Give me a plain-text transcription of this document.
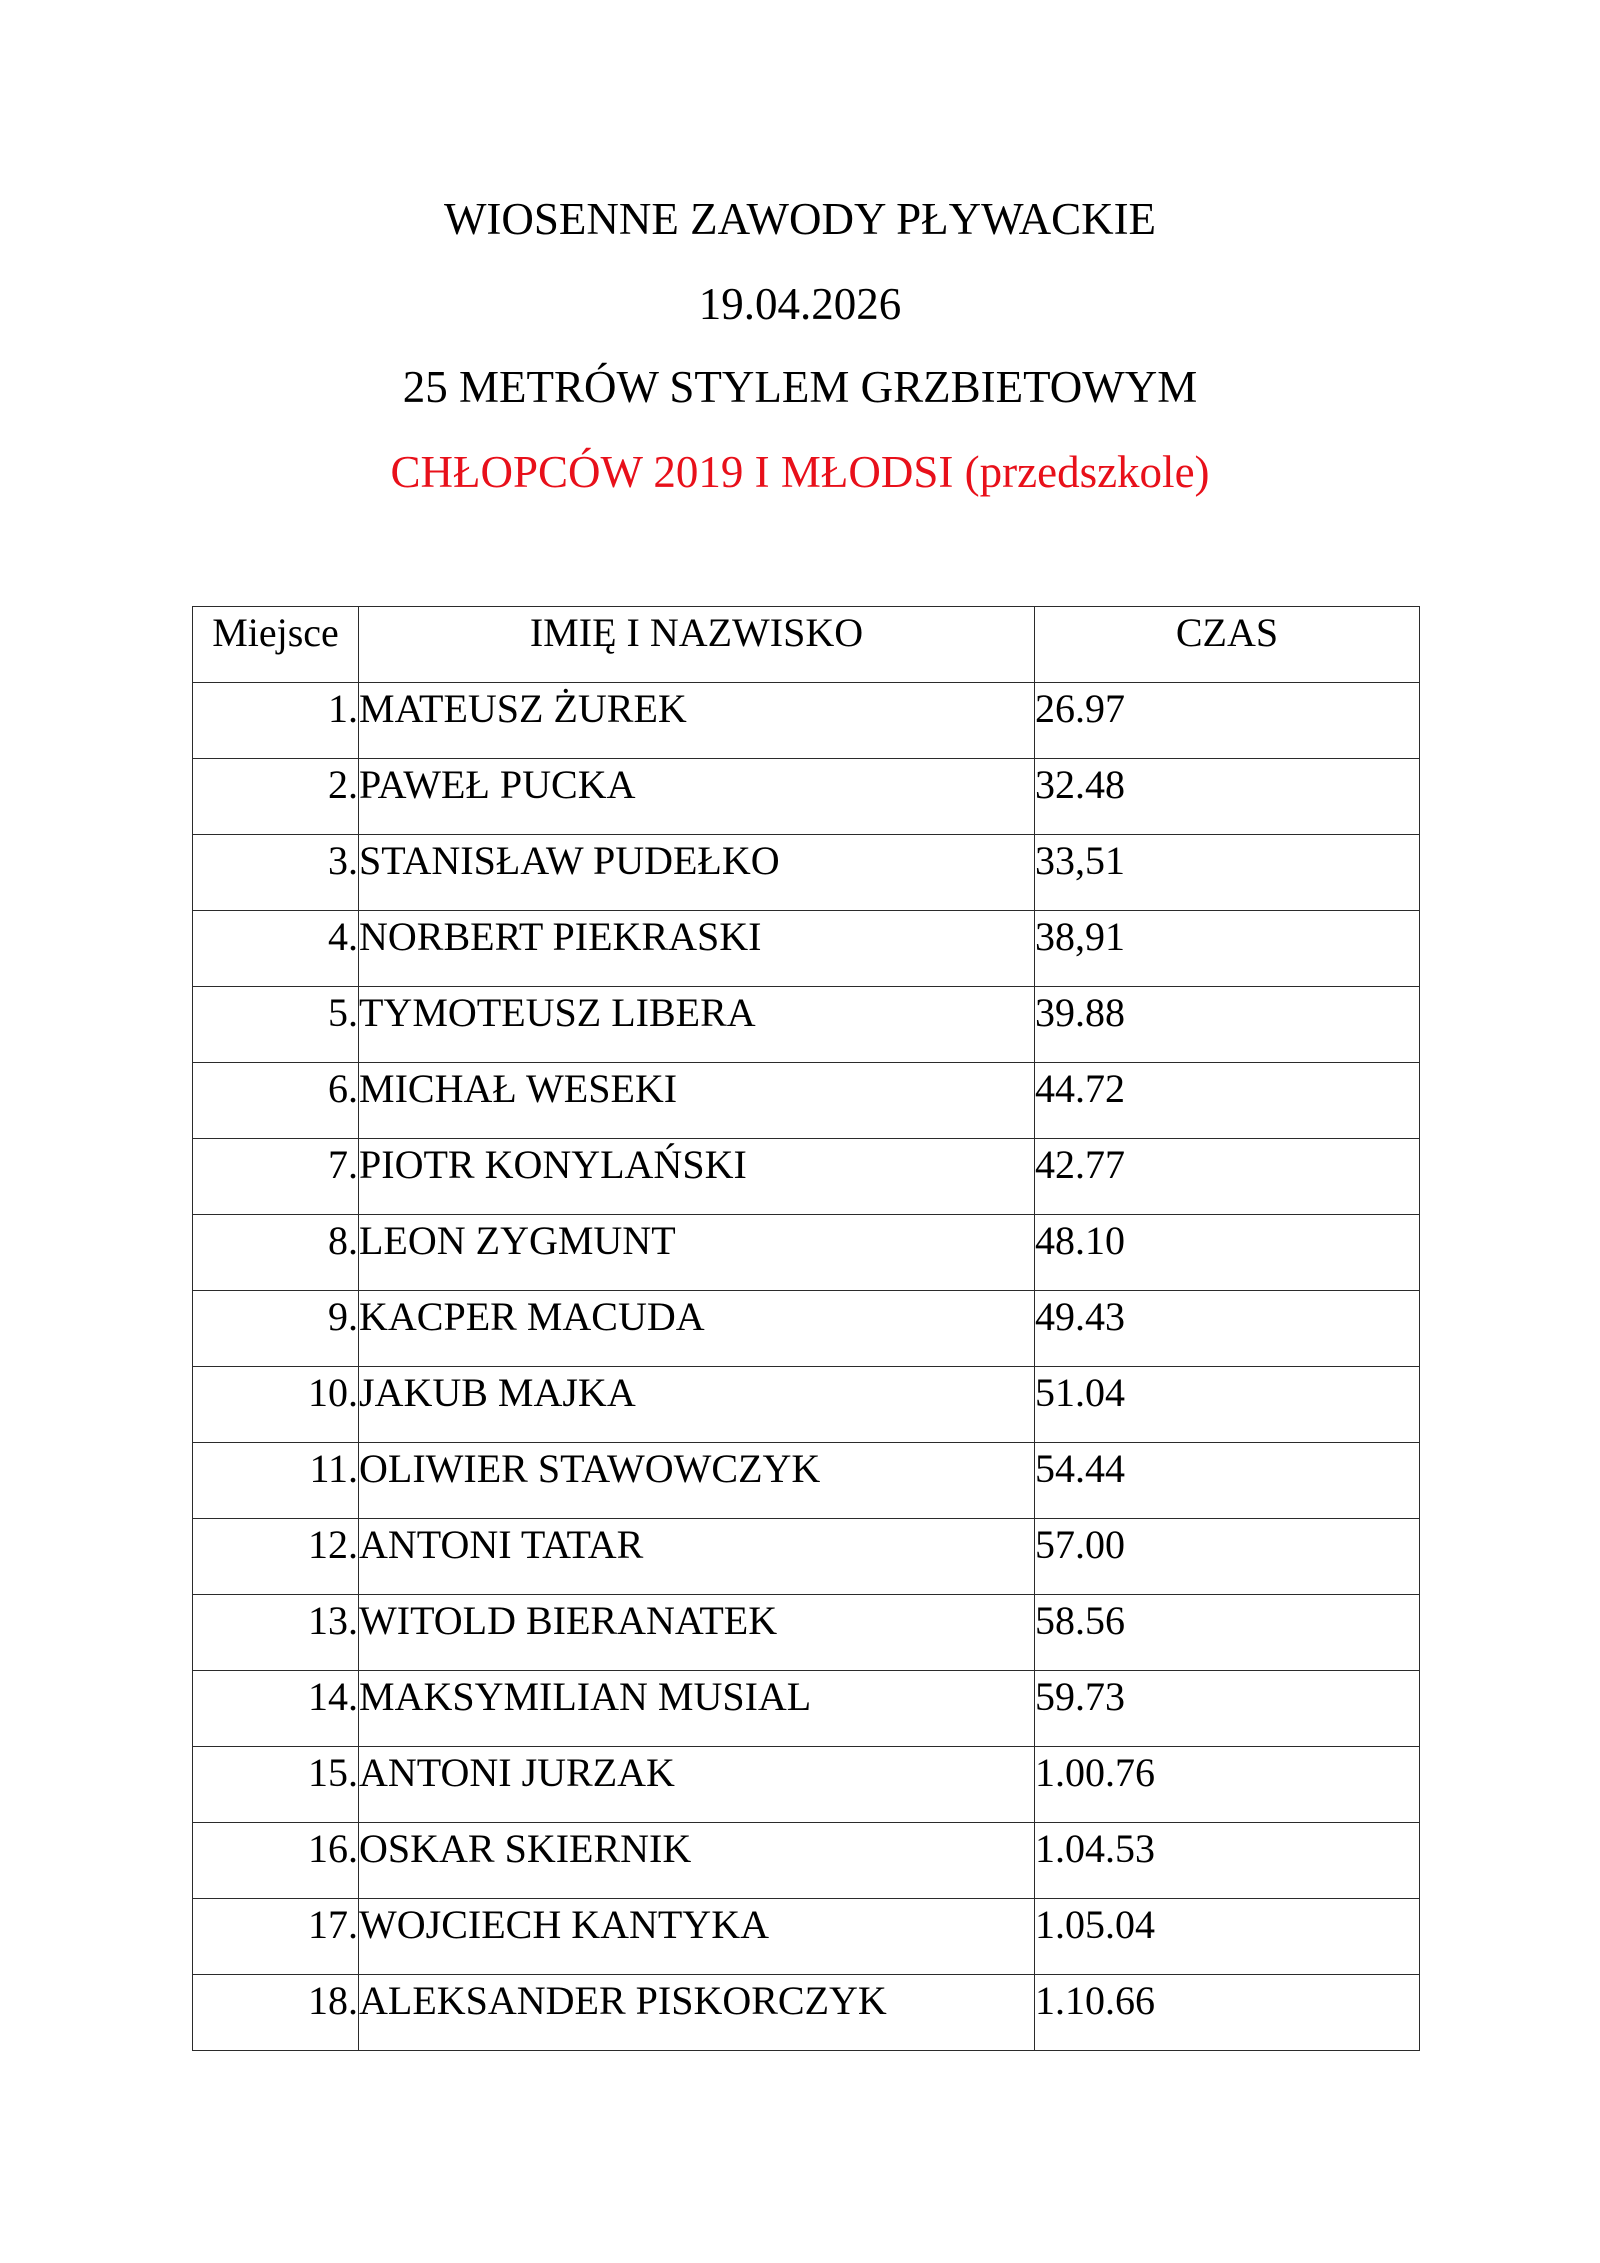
WIOSENNE ZAWODY PŁYWACKIE
19.04.2026
25 METRÓW STYLEM GRZBIETOWYM
CHŁOPCÓW 2019 I MŁODSI (przedszkole)
Miejsce	IMIĘ I NAZWISKO	CZAS
1.	MATEUSZ ŻUREK	26.97
2.	PAWEŁ PUCKA	32.48
3.	STANISŁAW PUDEŁKO	33,51
4.	NORBERT PIEKRASKI	38,91
5.	TYMOTEUSZ LIBERA	39.88
6.	MICHAŁ WESEKI	44.72
7.	PIOTR KONYLAŃSKI	42.77
8.	LEON ZYGMUNT	48.10
9.	KACPER MACUDA	49.43
10.	JAKUB MAJKA	51.04
11.	OLIWIER STAWOWCZYK	54.44
12.	ANTONI TATAR	57.00
13.	WITOLD BIERANATEK	58.56
14.	MAKSYMILIAN MUSIAL	59.73
15.	ANTONI JURZAK	1.00.76
16.	OSKAR SKIERNIK	1.04.53
17.	WOJCIECH KANTYKA	1.05.04
18.	ALEKSANDER PISKORCZYK	1.10.66
